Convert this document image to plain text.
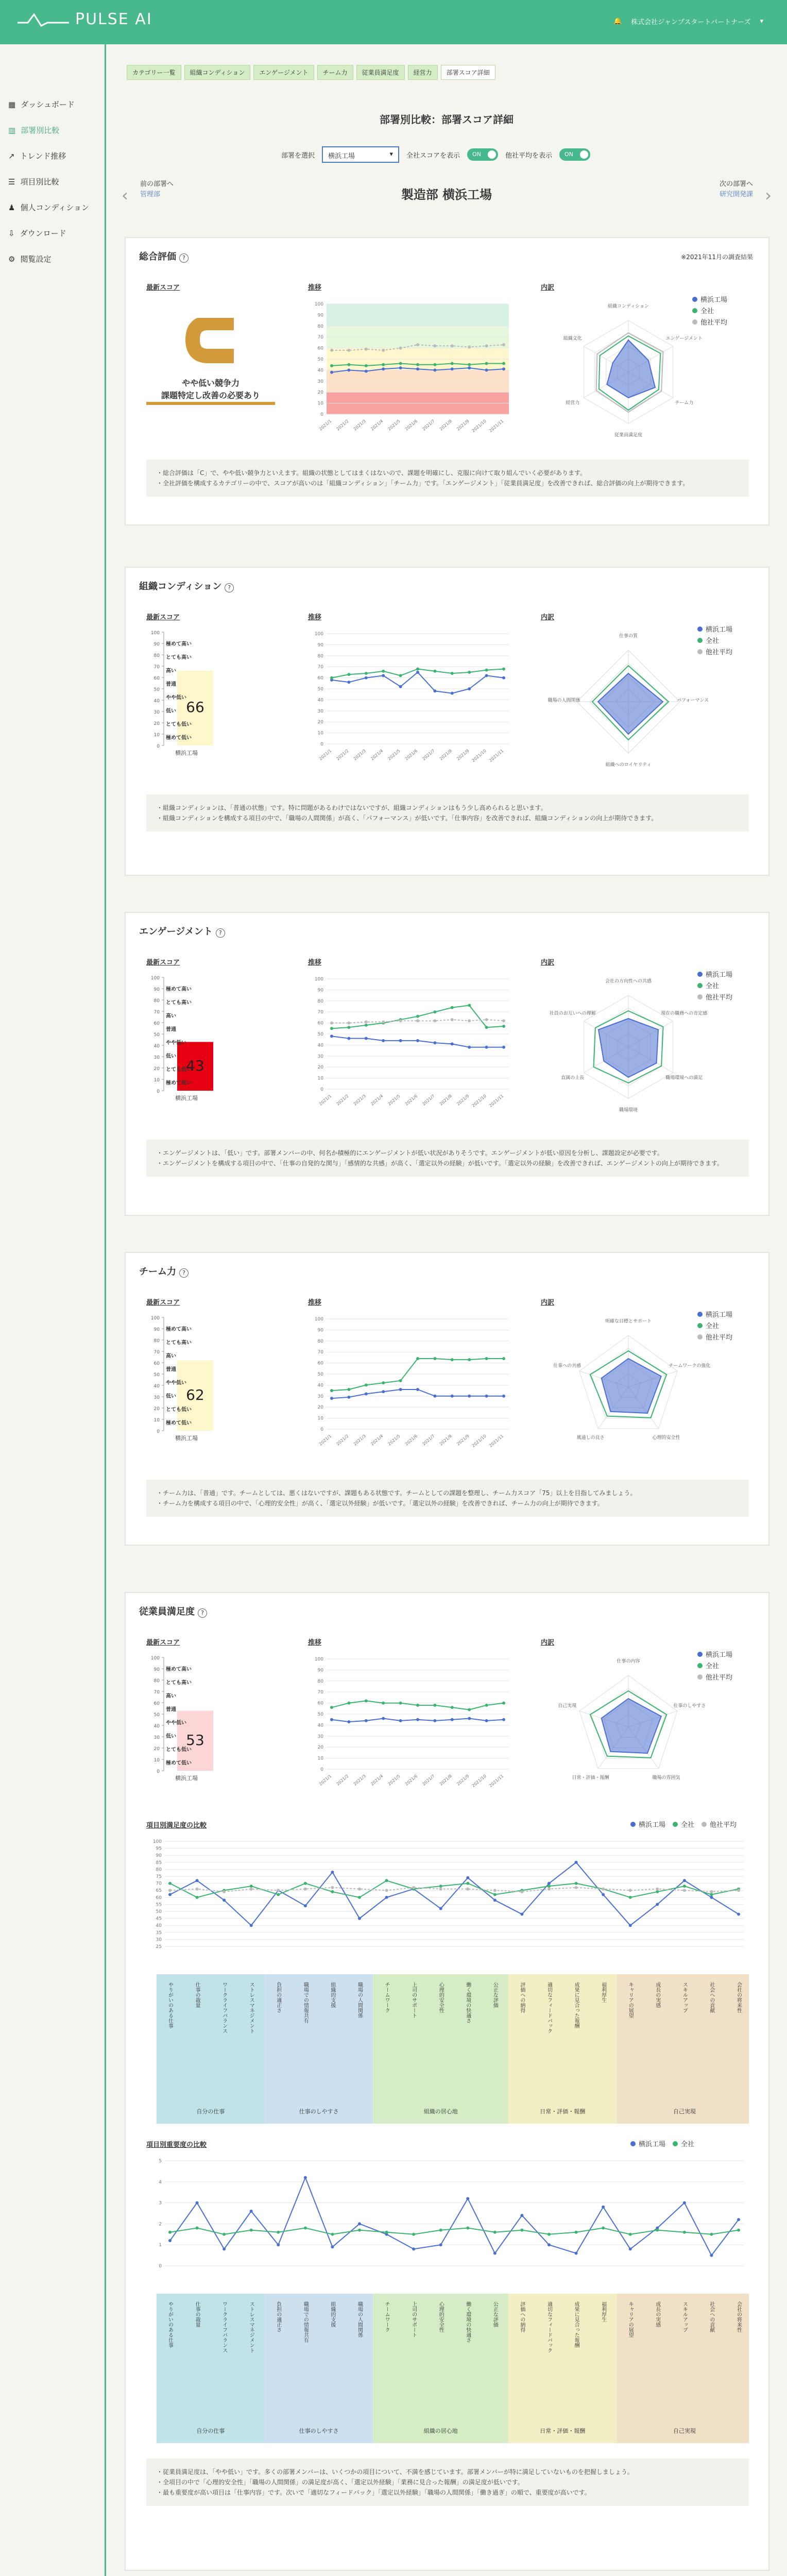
PULSE AI	🔔 株式会社ジャンプスタートパートナーズ ▾
▦ ダッシュボード
▥ 部署別比較
↗ トレンド推移
☰ 項目別比較
♟ 個人コンディション
⇩ ダウンロード
⚙ 閲覧設定
カテゴリー一覧	組織コンディション	エンゲージメント	チーム力	従業員満足度	経営力	部署スコア詳細
部署別比較：部署スコア詳細
部署を選択	横浜工場	▾ 全社スコアを表示	ON	他社平均を表示	ON
‹
前の部署へ
管理部	製造部 横浜工場
次の部署へ
研究開発課 ›
総合評価 ?	※2021年11月の調査結果
最新スコア	推移	内訳
やや低い競争力
課題特定し改善の必要あり
0
10
20
30
40
50
60
70
80
90
100
2021/1 2021/2 2021/3 2021/4 2021/5 2021/6 2021/7 2021/8 2021/9 2021/10 2021/11
組織コンディション
エンゲージメント
チーム力
従業員満足度
経営力
組織文化
横浜工場
全社
他社平均
・総合評価は「C」で、やや低い競争力といえます。組織の状態としてはまくはないので、課題を明確にし、克服に向けて取り組んでいく必要があります。
・全社評価を構成するカテゴリーの中で、スコアが高いのは「組織コンディション」「チーム力」です。「エンゲージメント」「従業員満足度」を改善できれば、総合評価の向上が期待できます。
組織コンディション ?
最新スコア	推移	内訳
100
90
80
70
60
50
40
30
20
10
0
極めて高い
とても高い
高い
普通
やや低い
低い
とても低い
極めて低い
66
横浜工場
0
10
20
30
40
50
60
70
80
90
100
2021/1 2021/2 2021/3 2021/4 2021/5 2021/6 2021/7 2021/8 2021/9 2021/10 2021/11
仕事の質
パフォーマンス
組織へのロイヤリティ
職場の人間関係
横浜工場
全社
他社平均
・組織コンディションは、「普通の状態」です。特に問題があるわけではないですが、組織コンディションはもう少し高められると思います。
・組織コンディションを構成する項目の中で、「職場の人間関係」が高く、「パフォーマンス」が低いです。「仕事内容」を改善できれば、組織コンディションの向上が期待できます。
エンゲージメント ?
最新スコア	推移	内訳
100
90
80
70
60
50
40
30
20
10
0
極めて高い
とても高い
高い
普通
やや低い
低い
とても低い
極めて低い
43
横浜工場
0
10
20
30
40
50
60
70
80
90
100
2021/1 2021/2 2021/3 2021/4 2021/5 2021/6 2021/7 2021/8 2021/9 2021/10 2021/11
会社の方向性への共感
現在の職務への肯定感
職場環境への満足
職場環境
直属の上長
社員のお互いへの理解
横浜工場
全社
他社平均
・エンゲージメントは、「低い」です。部署メンバーの中、何名か積極的にエンゲージメントが低い状況がありそうです。エンゲージメントが低い原因を分析し、課題設定が必要です。
・エンゲージメントを構成する項目の中で、「仕事の自発的な関与」「感情的な共感」が高く、「選定以外の経験」が低いです。「選定以外の経験」を改善できれば、エンゲージメントの向上が期待できます。
チーム力 ?
最新スコア	推移	内訳
100
90
80
70
60
50
40
30
20
10
0
極めて高い
とても高い
高い
普通
やや低い
低い
とても低い
極めて低い
62
横浜工場
0
10
20
30
40
50
60
70
80
90
100
2021/1 2021/2 2021/3 2021/4 2021/5 2021/6 2021/7 2021/8 2021/9 2021/10 2021/11
明確な目標とサポート
チームワークの強化
心理的安全性
風通しの良さ
仕事への共感
横浜工場
全社
他社平均
・チーム力は、「普通」です。チームとしては、悪くはないですが、課題もある状態です。チームとしての課題を整理し、チーム力スコア「75」以上を目指してみましょう。
・チーム力を構成する項目の中で、「心理的安全性」が高く、「選定以外経験」が低いです。「選定以外の経験」を改善できれば、チーム力の向上が期待できます。
従業員満足度 ?
最新スコア	推移	内訳
100
90
80
70
60
50
40
30
20
10
0
極めて高い
とても高い
高い
普通
やや低い
低い
とても低い
極めて低い
53
横浜工場
0
10
20
30
40
50
60
70
80
90
100
2021/1 2021/2 2021/3 2021/4 2021/5 2021/6 2021/7 2021/8 2021/9 2021/10 2021/11
仕事の内容
仕事のしやすさ
職場の雰囲気
日常・評価・報酬
自己実現
横浜工場
全社
他社平均
・従業員満足度は、「やや低い」です。多くの部署メンバーは、いくつかの項目について、不満を感じています。部署メンバーが特に満足していないものを把握しましょう。
・全項目の中で「心理的安全性」「職場の人間関係」の満足度が高く、「選定以外経験」「業務に見合った報酬」の満足度が低いです。
・最も重要度が高い項目は「仕事内容」です。次いで「適切なフィードバック」「選定以外経験」「職場の人間関係」「働き過ぎ」の順で、重要度が高いです。
項目別満足度の比較	横浜工場	全社	他社平均
25
30
35
40
45
50
55
60
65
70
75
80
85
90
95
100
自分の仕事	仕事のしやすさ	組織の居心地	日常・評価・報酬	自己実現
やりがいのある仕事	仕事の裁量	ワークライフバランス	ストレスマネジメント	負担の適正さ	職場での情報共有	組織的支援	職場の人間関係	チームワーク	上司のサポート	心理的安全性	働く環境の快適さ	公正な評価	評価への納得	適切なフィードバック	成果に見合った報酬	福利厚生	キャリアの展望	成長の実感	スキルアップ	社会への貢献	会社の将来性
項目別重要度の比較	横浜工場	全社
0
1
2
3
4
5
自分の仕事	仕事のしやすさ	組織の居心地	日常・評価・報酬	自己実現
やりがいのある仕事	仕事の裁量	ワークライフバランス	ストレスマネジメント	負担の適正さ	職場での情報共有	組織的支援	職場の人間関係	チームワーク	上司のサポート	心理的安全性	働く環境の快適さ	公正な評価	評価への納得	適切なフィードバック	成果に見合った報酬	福利厚生	キャリアの展望	成長の実感	スキルアップ	社会への貢献	会社の将来性
